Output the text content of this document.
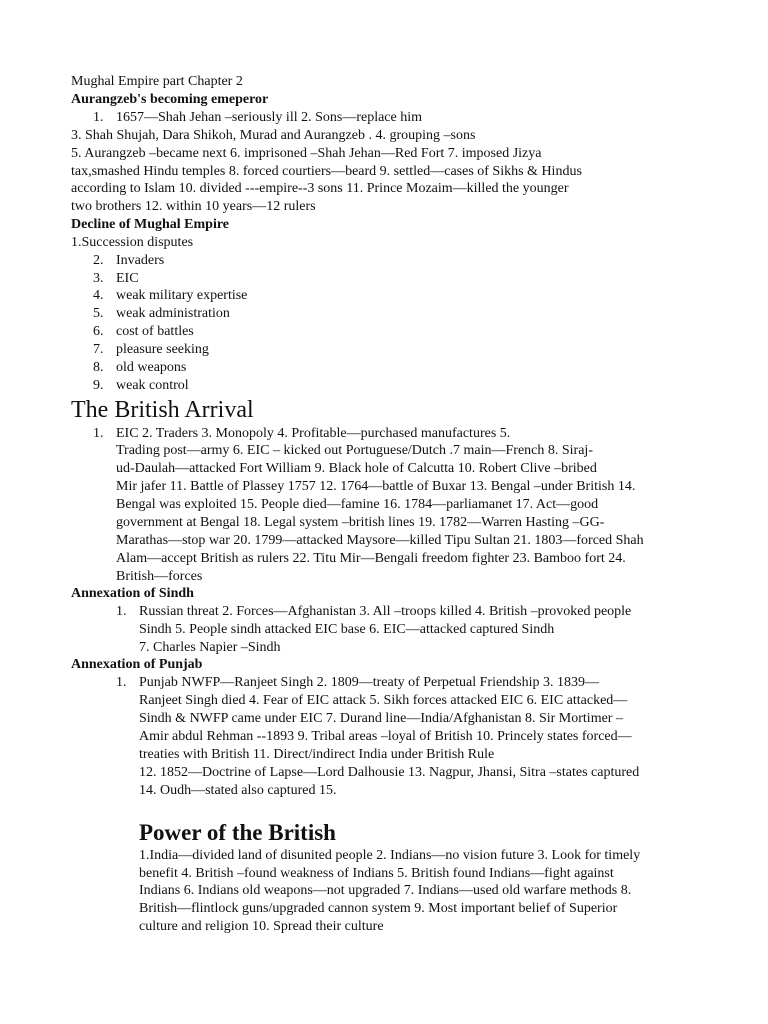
Mughal Empire part Chapter 2

Aurangzeb's becoming emeperor

1. 1657—Shah Jehan –seriously ill 2. Sons—replace him

3. Shah Shujah, Dara Shikoh, Murad and Aurangzeb . 4. grouping –sons

5. Aurangzeb –became next 6. imprisoned –Shah Jehan—Red Fort 7. imposed Jizya

tax,smashed Hindu temples 8. forced courtiers—beard 9. settled—cases of Sikhs & Hindus

according to Islam 10. divided ---empire--3 sons 11. Prince Mozaim—killed the younger

two brothers 12. within 10 years—12 rulers

Decline of Mughal Empire

1.Succession disputes

2. Invaders

3. EIC

4. weak military expertise

5. weak administration

6. cost of battles

7. pleasure seeking

8. old weapons

9. weak control

The British Arrival

1. EIC 2. Traders 3. Monopoly 4. Profitable—purchased manufactures 5.

Trading post—army 6. EIC – kicked out Portuguese/Dutch .7 main—French 8. Siraj-

ud-Daulah—attacked Fort William 9. Black hole of Calcutta 10. Robert Clive –bribed

Mir jafer 11. Battle of Plassey 1757 12. 1764—battle of Buxar 13. Bengal –under British 14.

Bengal was exploited 15. People died—famine 16. 1784—parliamanet 17. Act—good

government at Bengal 18. Legal system –british lines 19. 1782—Warren Hasting –GG-

Marathas—stop war 20. 1799—attacked Maysore—killed Tipu Sultan 21. 1803—forced Shah

Alam—accept British as rulers 22. Titu Mir—Bengali freedom fighter 23. Bamboo fort 24.

British—forces

Annexation of Sindh

1. Russian threat 2. Forces—Afghanistan 3. All –troops killed 4. British –provoked people

Sindh 5. People sindh attacked EIC base 6. EIC—attacked captured Sindh

7. Charles Napier –Sindh

Annexation of Punjab

1. Punjab NWFP—Ranjeet Singh 2. 1809—treaty of Perpetual Friendship 3. 1839—

Ranjeet Singh died 4. Fear of EIC attack 5. Sikh forces attacked EIC 6. EIC attacked—

Sindh & NWFP came under EIC 7. Durand line—India/Afghanistan 8. Sir Mortimer –

Amir abdul Rehman --1893 9. Tribal areas –loyal of British 10. Princely states forced—

treaties with British 11. Direct/indirect India under British Rule

12. 1852—Doctrine of Lapse—Lord Dalhousie 13. Nagpur, Jhansi, Sitra –states captured

14. Oudh—stated also captured 15.

Power of the British

1.India—divided land of disunited people 2. Indians—no vision future 3. Look for timely

benefit 4. British –found weakness of Indians 5. British found Indians—fight against

Indians 6. Indians old weapons—not upgraded 7. Indians—used old warfare methods 8.

British—flintlock guns/upgraded cannon system 9. Most important belief of Superior

culture and religion 10. Spread their culture
